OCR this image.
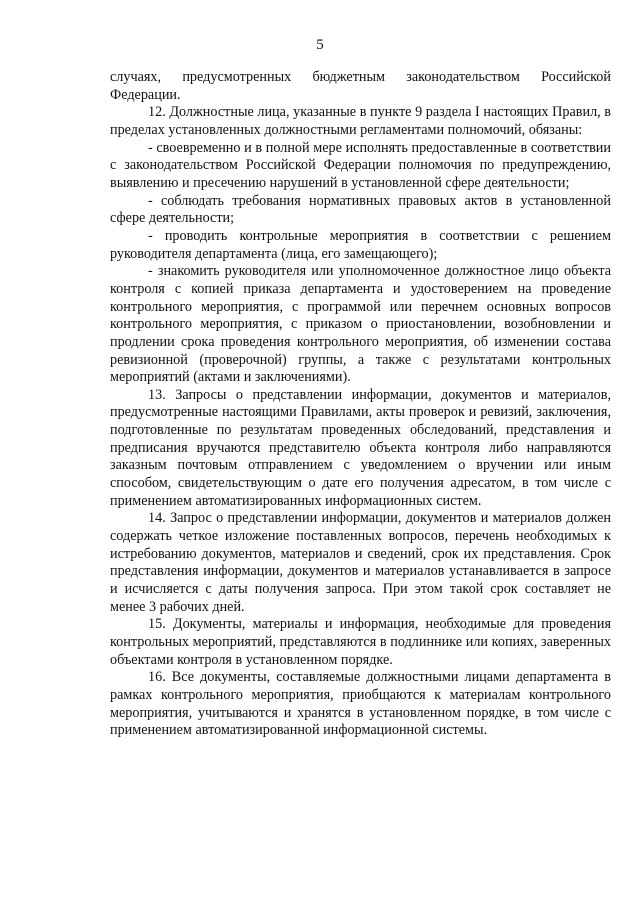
5

случаях, предусмотренных бюджетным законодательством Российской Федерации.

12. Должностные лица, указанные в пункте 9 раздела I настоящих Правил, в пределах установленных должностными регламентами полномочий, обязаны:

- своевременно и в полной мере исполнять предоставленные в соответствии с законодательством Российской Федерации полномочия по предупреждению, выявлению и пресечению нарушений в установленной сфере деятельности;

- соблюдать требования нормативных правовых актов в установленной сфере деятельности;

- проводить контрольные мероприятия в соответствии с решением руководителя департамента (лица, его замещающего);

- знакомить руководителя или уполномоченное должностное лицо объекта контроля с копией приказа департамента и удостоверением на проведение контрольного мероприятия, с программой или перечнем основных вопросов контрольного мероприятия, с приказом о приостановлении, возобновлении и продлении срока проведения контрольного мероприятия, об изменении состава ревизионной (проверочной) группы, а также с результатами контрольных мероприятий (актами и заключениями).

13. Запросы о представлении информации, документов и материалов, предусмотренные настоящими Правилами, акты проверок и ревизий, заключения, подготовленные по результатам проведенных обследований, представления и предписания вручаются представителю объекта контроля либо направляются заказным почтовым отправлением с уведомлением о вручении или иным способом, свидетельствующим о дате его получения адресатом, в том числе с применением автоматизированных информационных систем.

14. Запрос о представлении информации, документов и материалов должен содержать четкое изложение поставленных вопросов, перечень необходимых к истребованию документов, материалов и сведений, срок их представления. Срок представления информации, документов и материалов устанавливается в запросе и исчисляется с даты получения запроса. При этом такой срок составляет не менее 3 рабочих дней.

15. Документы, материалы и информация, необходимые для проведения контрольных мероприятий, представляются в подлиннике или копиях, заверенных объектами контроля в установленном порядке.

16. Все документы, составляемые должностными лицами департамента в рамках контрольного мероприятия, приобщаются к материалам контрольного мероприятия, учитываются и хранятся в установленном порядке, в том числе с применением автоматизированной информационной системы.
